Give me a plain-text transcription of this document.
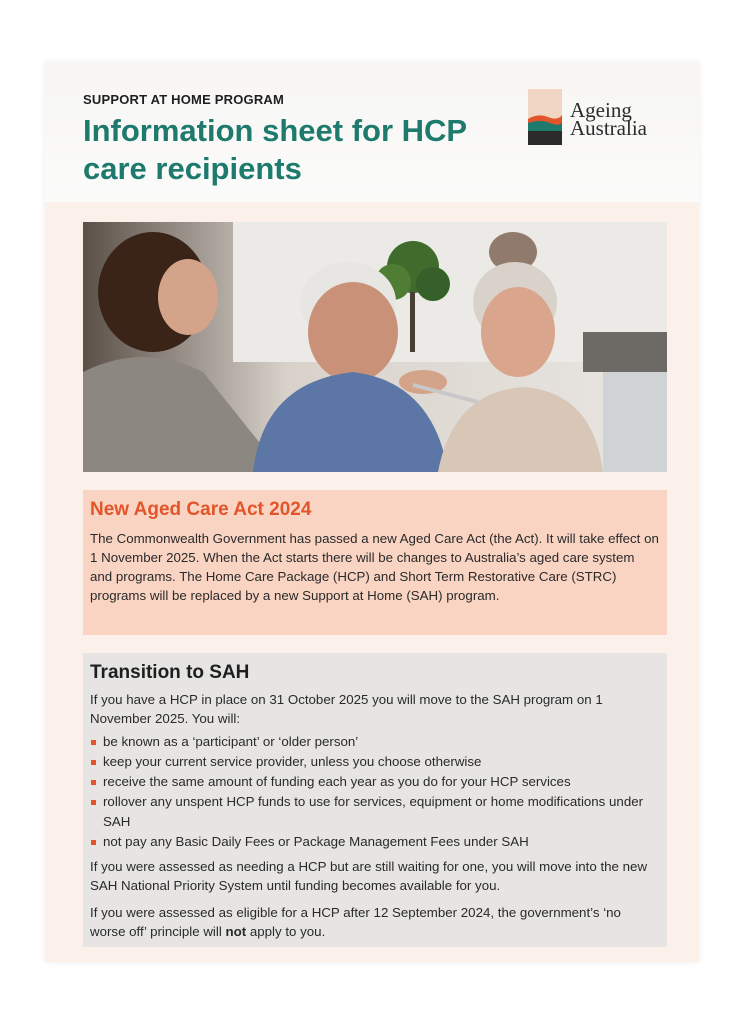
SUPPORT AT HOME PROGRAM
Information sheet for HCP care recipients
Ageing
Australia
New Aged Care Act 2024

The Commonwealth Government has passed a new Aged Care Act (the Act). It will take effect on 1 November 2025. When the Act starts there will be changes to Australia’s aged care system and programs. The Home Care Package (HCP) and Short Term Restorative Care (STRC) programs will be replaced by a new Support at Home (SAH) program.

Transition to SAH

If you have a HCP in place on 31 October 2025 you will move to the SAH program on 1 November 2025. You will:

be known as a ‘participant’ or ‘older person’
keep your current service provider, unless you choose otherwise
receive the same amount of funding each year as you do for your HCP services
rollover any unspent HCP funds to use for services, equipment or home modifications under SAH
not pay any Basic Daily Fees or Package Management Fees under SAH

If you were assessed as needing a HCP but are still waiting for one, you will move into the new SAH National Priority System until funding becomes available for you.

If you were assessed as eligible for a HCP after 12 September 2024, the government’s ‘no worse off’ principle will not apply to you.
